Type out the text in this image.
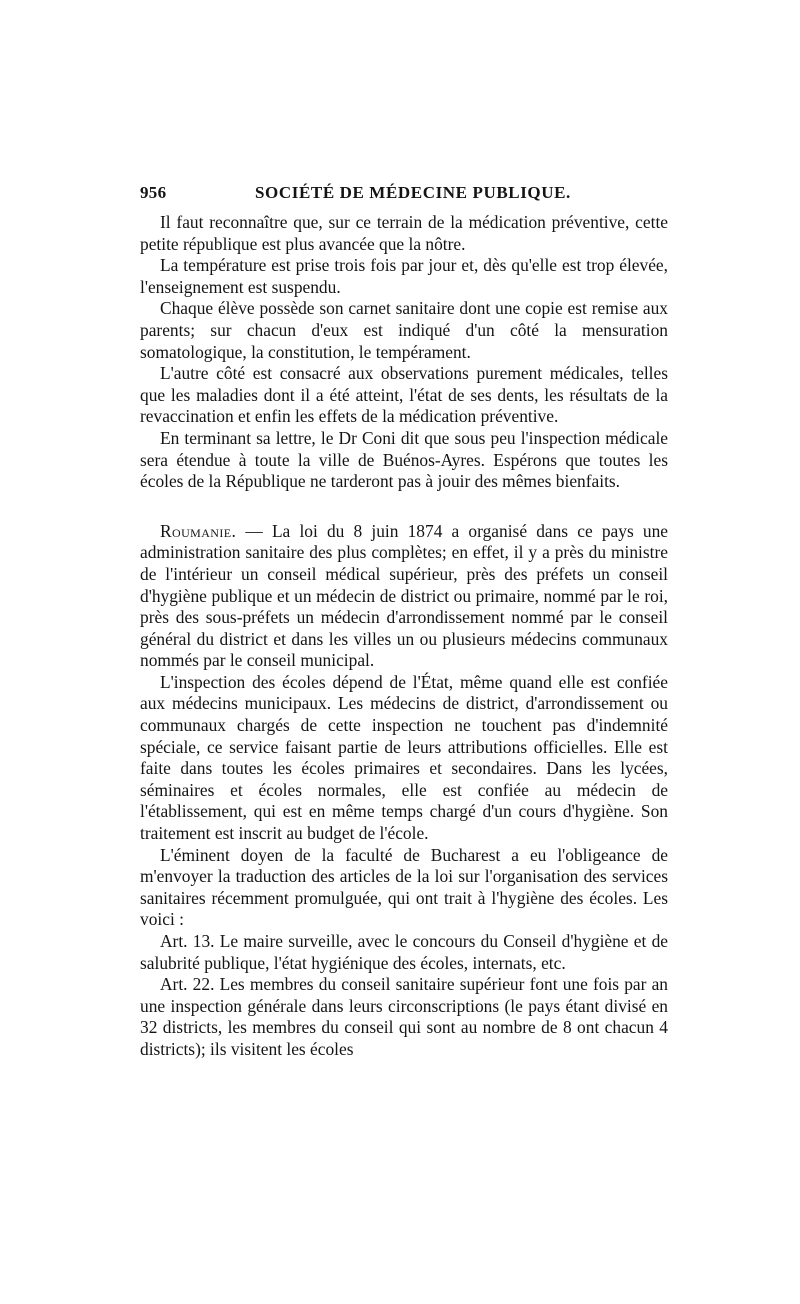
956	SOCIÉTÉ DE MÉDECINE PUBLIQUE.

Il faut reconnaître que, sur ce terrain de la médication préventive, cette petite république est plus avancée que la nôtre.

La température est prise trois fois par jour et, dès qu'elle est trop élevée, l'enseignement est suspendu.

Chaque élève possède son carnet sanitaire dont une copie est remise aux parents; sur chacun d'eux est indiqué d'un côté la mensuration somatologique, la constitution, le tempérament.

L'autre côté est consacré aux observations purement médicales, telles que les maladies dont il a été atteint, l'état de ses dents, les résultats de la revaccination et enfin les effets de la médication préventive.

En terminant sa lettre, le Dr Coni dit que sous peu l'inspection médicale sera étendue à toute la ville de Buénos-Ayres. Espérons que toutes les écoles de la République ne tarderont pas à jouir des mêmes bienfaits.

Roumanie. — La loi du 8 juin 1874 a organisé dans ce pays une administration sanitaire des plus complètes; en effet, il y a près du ministre de l'intérieur un conseil médical supérieur, près des préfets un conseil d'hygiène publique et un médecin de district ou primaire, nommé par le roi, près des sous-préfets un médecin d'arrondissement nommé par le conseil général du district et dans les villes un ou plusieurs médecins communaux nommés par le conseil municipal.

L'inspection des écoles dépend de l'État, même quand elle est confiée aux médecins municipaux. Les médecins de district, d'arrondissement ou communaux chargés de cette inspection ne touchent pas d'indemnité spéciale, ce service faisant partie de leurs attributions officielles. Elle est faite dans toutes les écoles primaires et secondaires. Dans les lycées, séminaires et écoles normales, elle est confiée au médecin de l'établissement, qui est en même temps chargé d'un cours d'hygiène. Son traitement est inscrit au budget de l'école.

L'éminent doyen de la faculté de Bucharest a eu l'obligeance de m'envoyer la traduction des articles de la loi sur l'organisation des services sanitaires récemment promulguée, qui ont trait à l'hygiène des écoles. Les voici :

Art. 13. Le maire surveille, avec le concours du Conseil d'hygiène et de salubrité publique, l'état hygiénique des écoles, internats, etc.

Art. 22. Les membres du conseil sanitaire supérieur font une fois par an une inspection générale dans leurs circonscriptions (le pays étant divisé en 32 districts, les membres du conseil qui sont au nombre de 8 ont chacun 4 districts); ils visitent les écoles
